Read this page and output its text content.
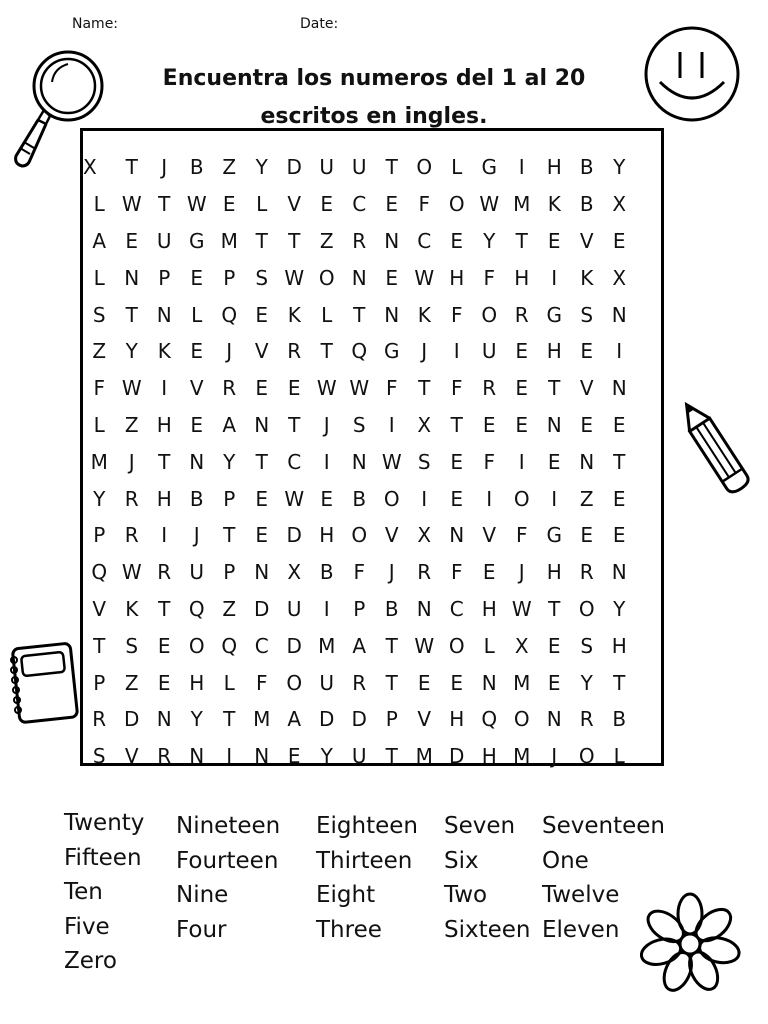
Name:	Date:
Encuentra los numeros del 1 al 20
escritos en ingles.
X	T	J	B Z Y D U U T O L G	I	H B Y
L W T W E	L	V E C E	F O W M K B X
A E U G M T	T Z R N C E	Y	T	E V E
L N P	E	P	S W O N E W H F H	I	K X
S	T N L Q E K	L	T N K	F O R G S N
Z Y K E	J	V R T Q G	J	I	U E H E	I
F W I	V R E E W W F	T	F R E	T V N
L	Z H E A N T	J	S	I	X T	E E N E E
M	J	T N Y	T C	I	N W S E	F	I	E N T
Y R H B P	E W E B O	I	E	I	O	I	Z E
P R	I	J	T	E D H O V X N V F G E E
Q W R U P N X B F	J	R F	E	J	H R N
V K T Q Z D U	I	P B N C H W T O Y
T	S E O Q C D M A T W O L	X E S H
P Z E H L	F O U R T	E E N M E	Y	T
R D N Y	T M A D D P V H Q O N R B
S V R N	I	N E	Y U T M D H M	J	O L
Twenty
Fifteen
Ten
Five
Zero
Nineteen
Fourteen
Nine
Four
Eighteen
Thirteen
Eight
Three
Seven
Six
Two
Sixteen
Seventeen
One
Twelve
Eleven
